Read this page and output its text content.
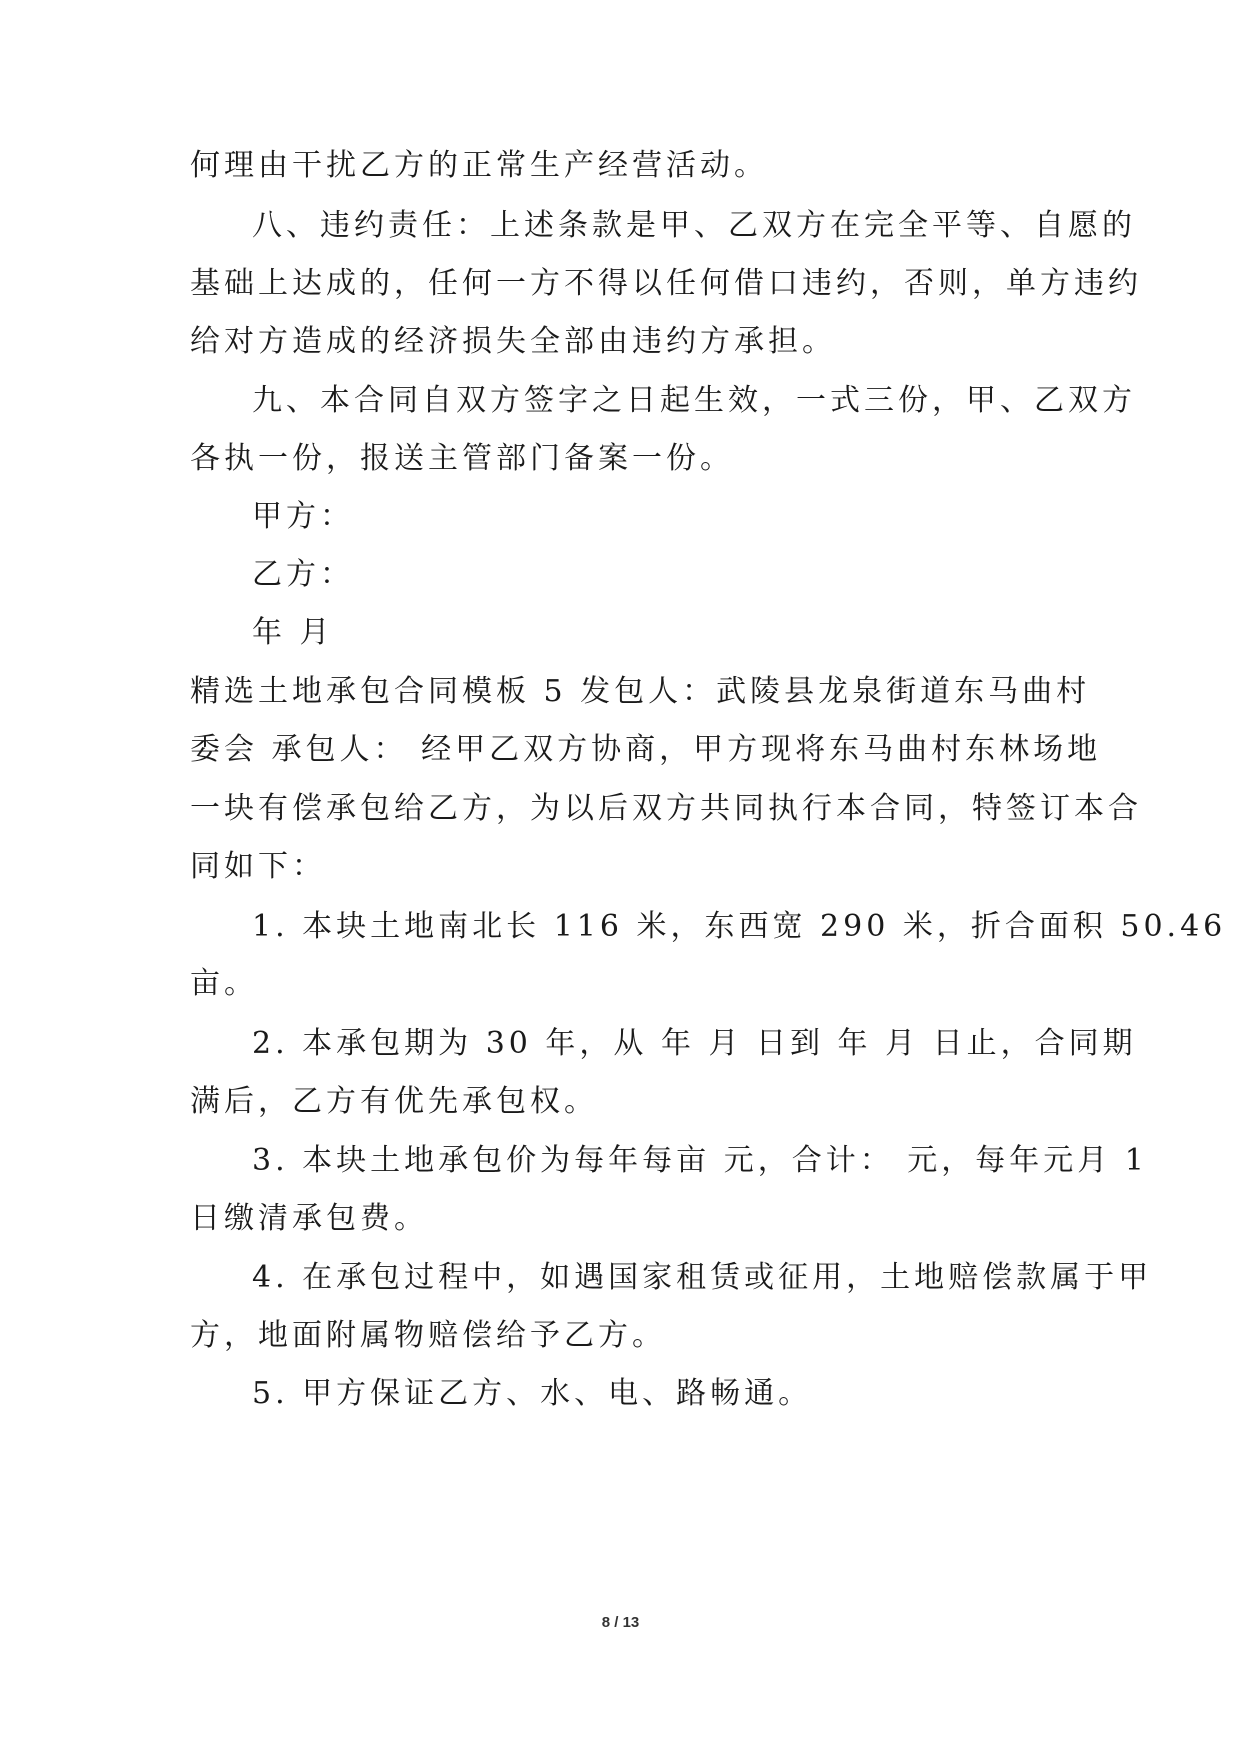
何理由干扰乙方的正常生产经营活动。
八、违约责任：上述条款是甲、乙双方在完全平等、自愿的
基础上达成的，任何一方不得以任何借口违约，否则，单方违约
给对方造成的经济损失全部由违约方承担。
九、本合同自双方签字之日起生效，一式三份，甲、乙双方
各执一份，报送主管部门备案一份。
甲方：
乙方：
年 月
精选土地承包合同模板 5 发包人：武陵县龙泉街道东马曲村
委会 承包人： 经甲乙双方协商，甲方现将东马曲村东林场地
一块有偿承包给乙方，为以后双方共同执行本合同，特签订本合
同如下：
1. 本块土地南北长 116 米，东西宽 290 米，折合面积 50.46
亩。
2. 本承包期为 30 年，从 年 月 日到 年 月 日止，合同期
满后，乙方有优先承包权。
3. 本块土地承包价为每年每亩 元，合计： 元，每年元月 1
日缴清承包费。
4. 在承包过程中，如遇国家租赁或征用，土地赔偿款属于甲
方，地面附属物赔偿给予乙方。
5. 甲方保证乙方、水、电、路畅通。
8 / 13
